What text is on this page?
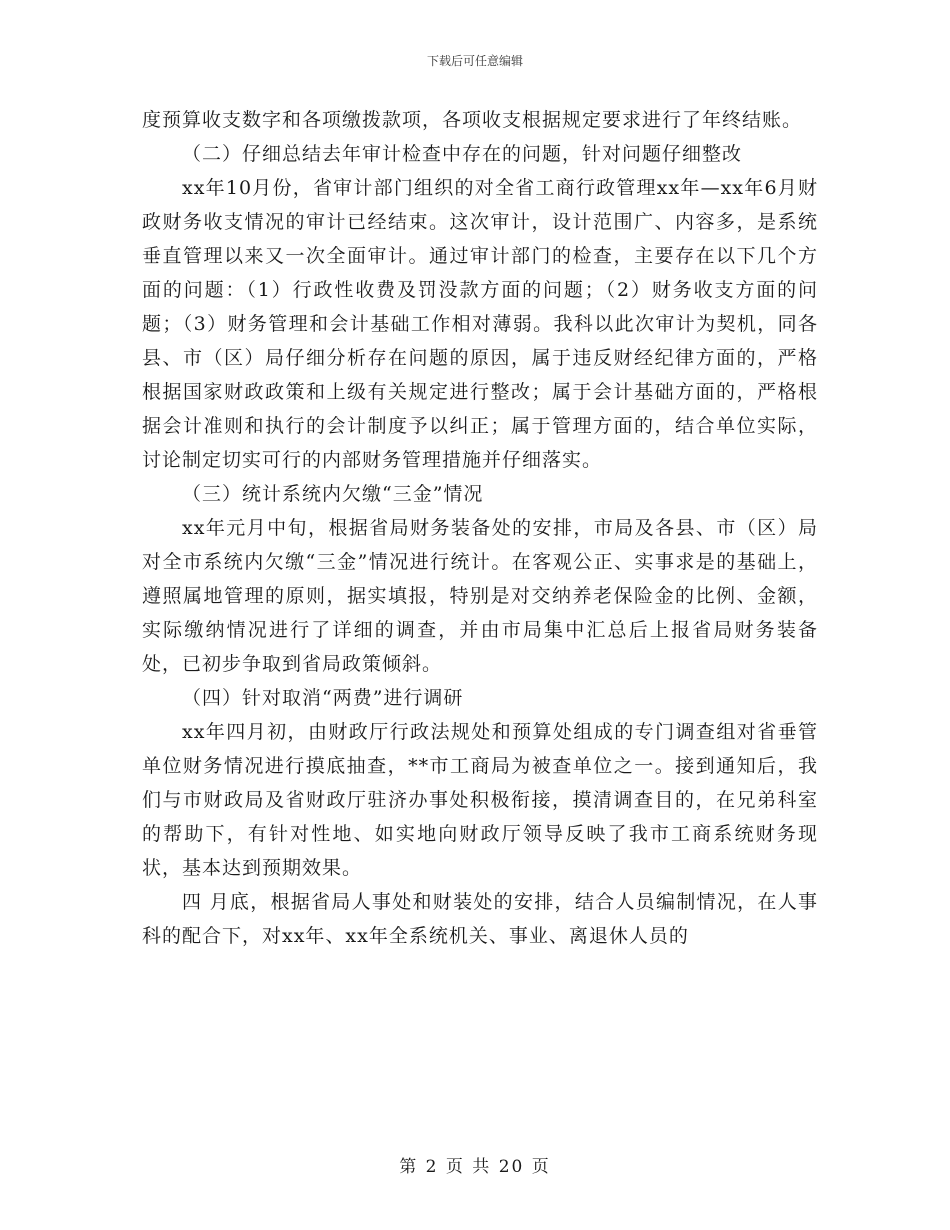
下载后可任意编辑

度预算收支数字和各项缴拨款项，各项收支根据规定要求进行了年终结账。

（二）仔细总结去年审计检查中存在的问题，针对问题仔细整改

xx年10月份，省审计部门组织的对全省工商行政管理xx年—xx年6月财政财务收支情况的审计已经结束。这次审计，设计范围广、内容多，是系统垂直管理以来又一次全面审计。通过审计部门的检查，主要存在以下几个方面的问题：（1）行政性收费及罚没款方面的问题；（2）财务收支方面的问题；（3）财务管理和会计基础工作相对薄弱。我科以此次审计为契机，同各县、市（区）局仔细分析存在问题的原因，属于违反财经纪律方面的，严格根据国家财政政策和上级有关规定进行整改；属于会计基础方面的，严格根据会计准则和执行的会计制度予以纠正；属于管理方面的，结合单位实际，讨论制定切实可行的内部财务管理措施并仔细落实。

（三）统计系统内欠缴“三金”情况

xx年元月中旬，根据省局财务装备处的安排，市局及各县、市（区）局对全市系统内欠缴“三金”情况进行统计。在客观公正、实事求是的基础上，遵照属地管理的原则，据实填报，特别是对交纳养老保险金的比例、金额，实际缴纳情况进行了详细的调查，并由市局集中汇总后上报省局财务装备处，已初步争取到省局政策倾斜。

（四）针对取消“两费”进行调研

xx年四月初，由财政厅行政法规处和预算处组成的专门调查组对省垂管单位财务情况进行摸底抽查，**市工商局为被查单位之一。接到通知后，我们与市财政局及省财政厅驻济办事处积极衔接，摸清调查目的，在兄弟科室的帮助下，有针对性地、如实地向财政厅领导反映了我市工商系统财务现状，基本达到预期效果。

四 月底，根据省局人事处和财装处的安排，结合人员编制情况，在人事科的配合下，对xx年、xx年全系统机关、事业、离退休人员的

第 2 页 共 20 页
